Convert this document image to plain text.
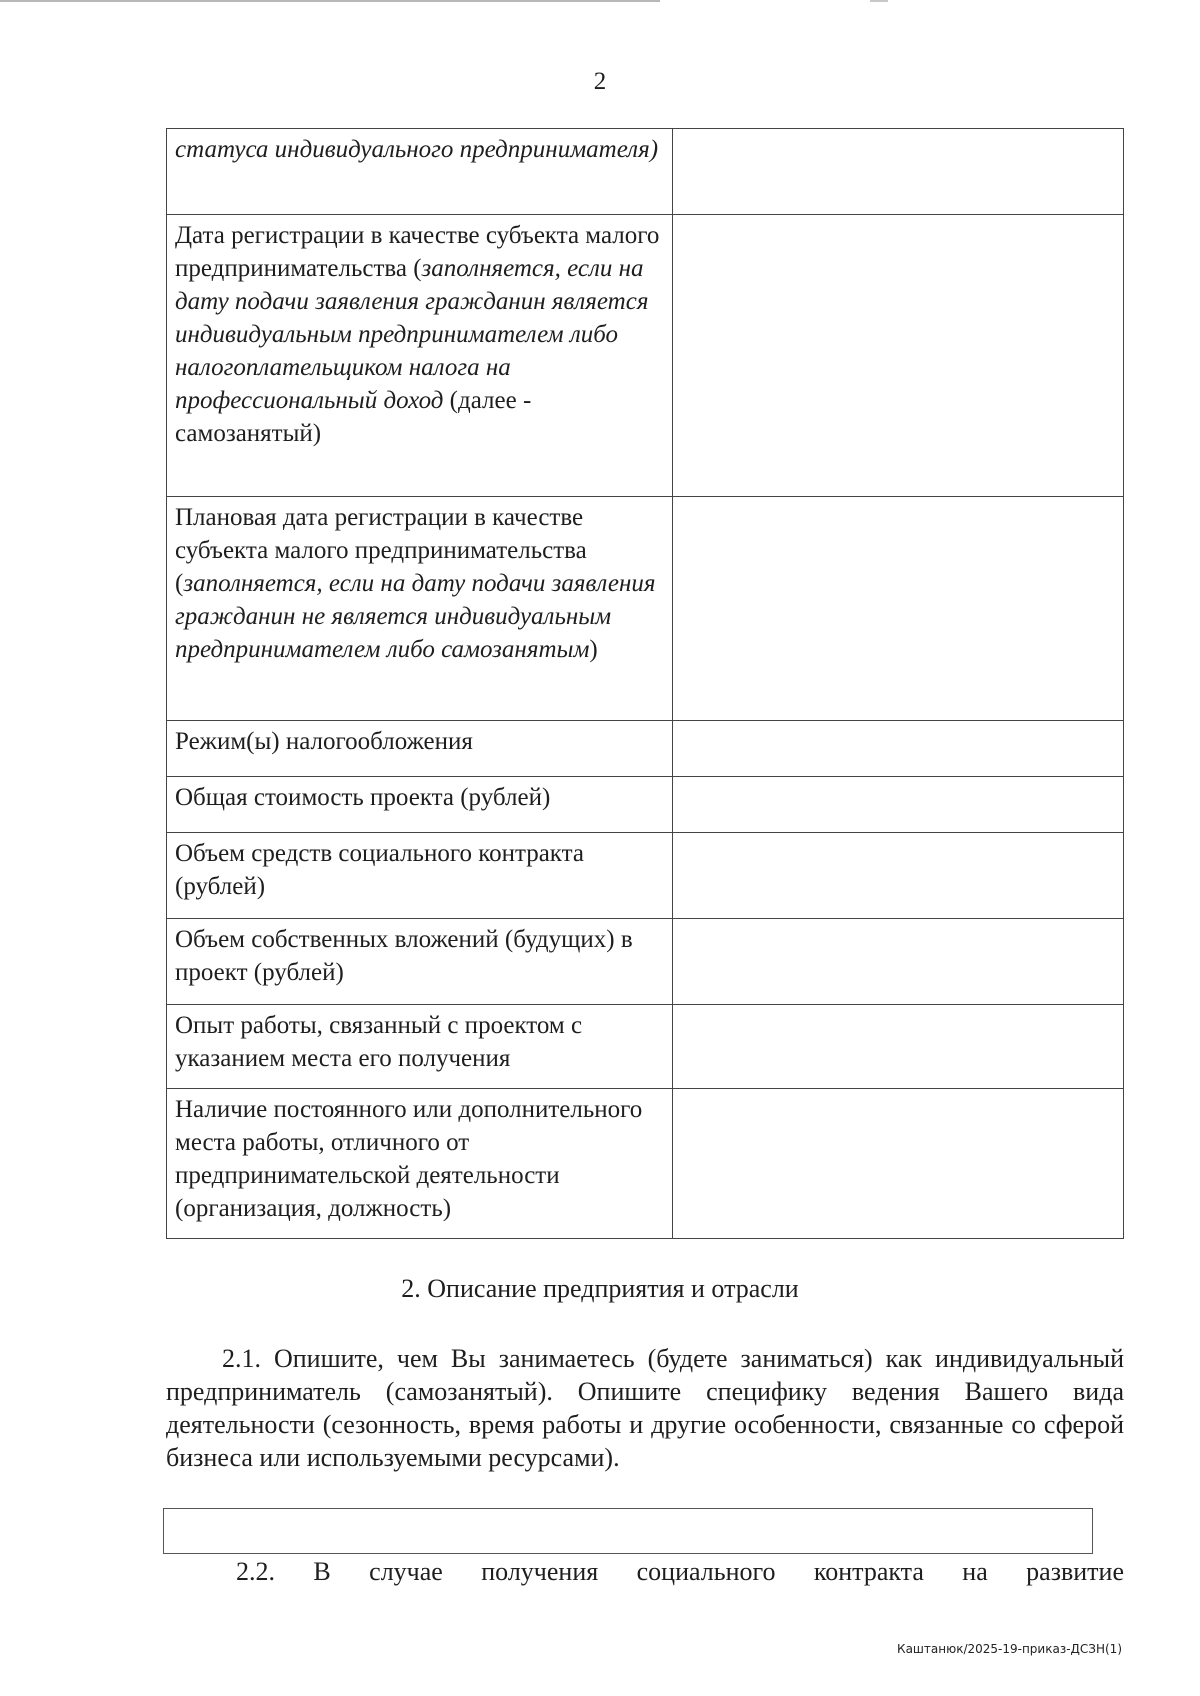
2
статуса индивидуального предпринимателя)	
Дата регистрации в качестве субъекта малого предпринимательства (заполняется, если на дату подачи заявления гражданин является индивидуальным предпринимателем либо налогоплательщиком налога на профессиональный доход (далее - самозанятый)	
Плановая дата регистрации в качестве субъекта малого предпринимательства (заполняется, если на дату подачи заявления гражданин не является индивидуальным предпринимателем либо самозанятым)	
Режим(ы) налогообложения	
Общая стоимость проекта (рублей)	
Объем средств социального контракта (рублей)	
Объем собственных вложений (будущих) в проект (рублей)	
Опыт работы, связанный с проектом с указанием места его получения	
Наличие постоянного или дополнительного места работы, отличного от предпринимательской деятельности (организация, должность)	
2. Описание предприятия и отрасли
2.1. Опишите, чем Вы занимаетесь (будете заниматься) как индивидуальный предприниматель (самозанятый). Опишите специфику ведения Вашего вида деятельности (сезонность, время работы и другие особенности, связанные со сферой бизнеса или используемыми ресурсами).
2.2. В случае получения социального контракта на развитие
Каштанюк/2025-19-приказ-ДСЗН(1)
